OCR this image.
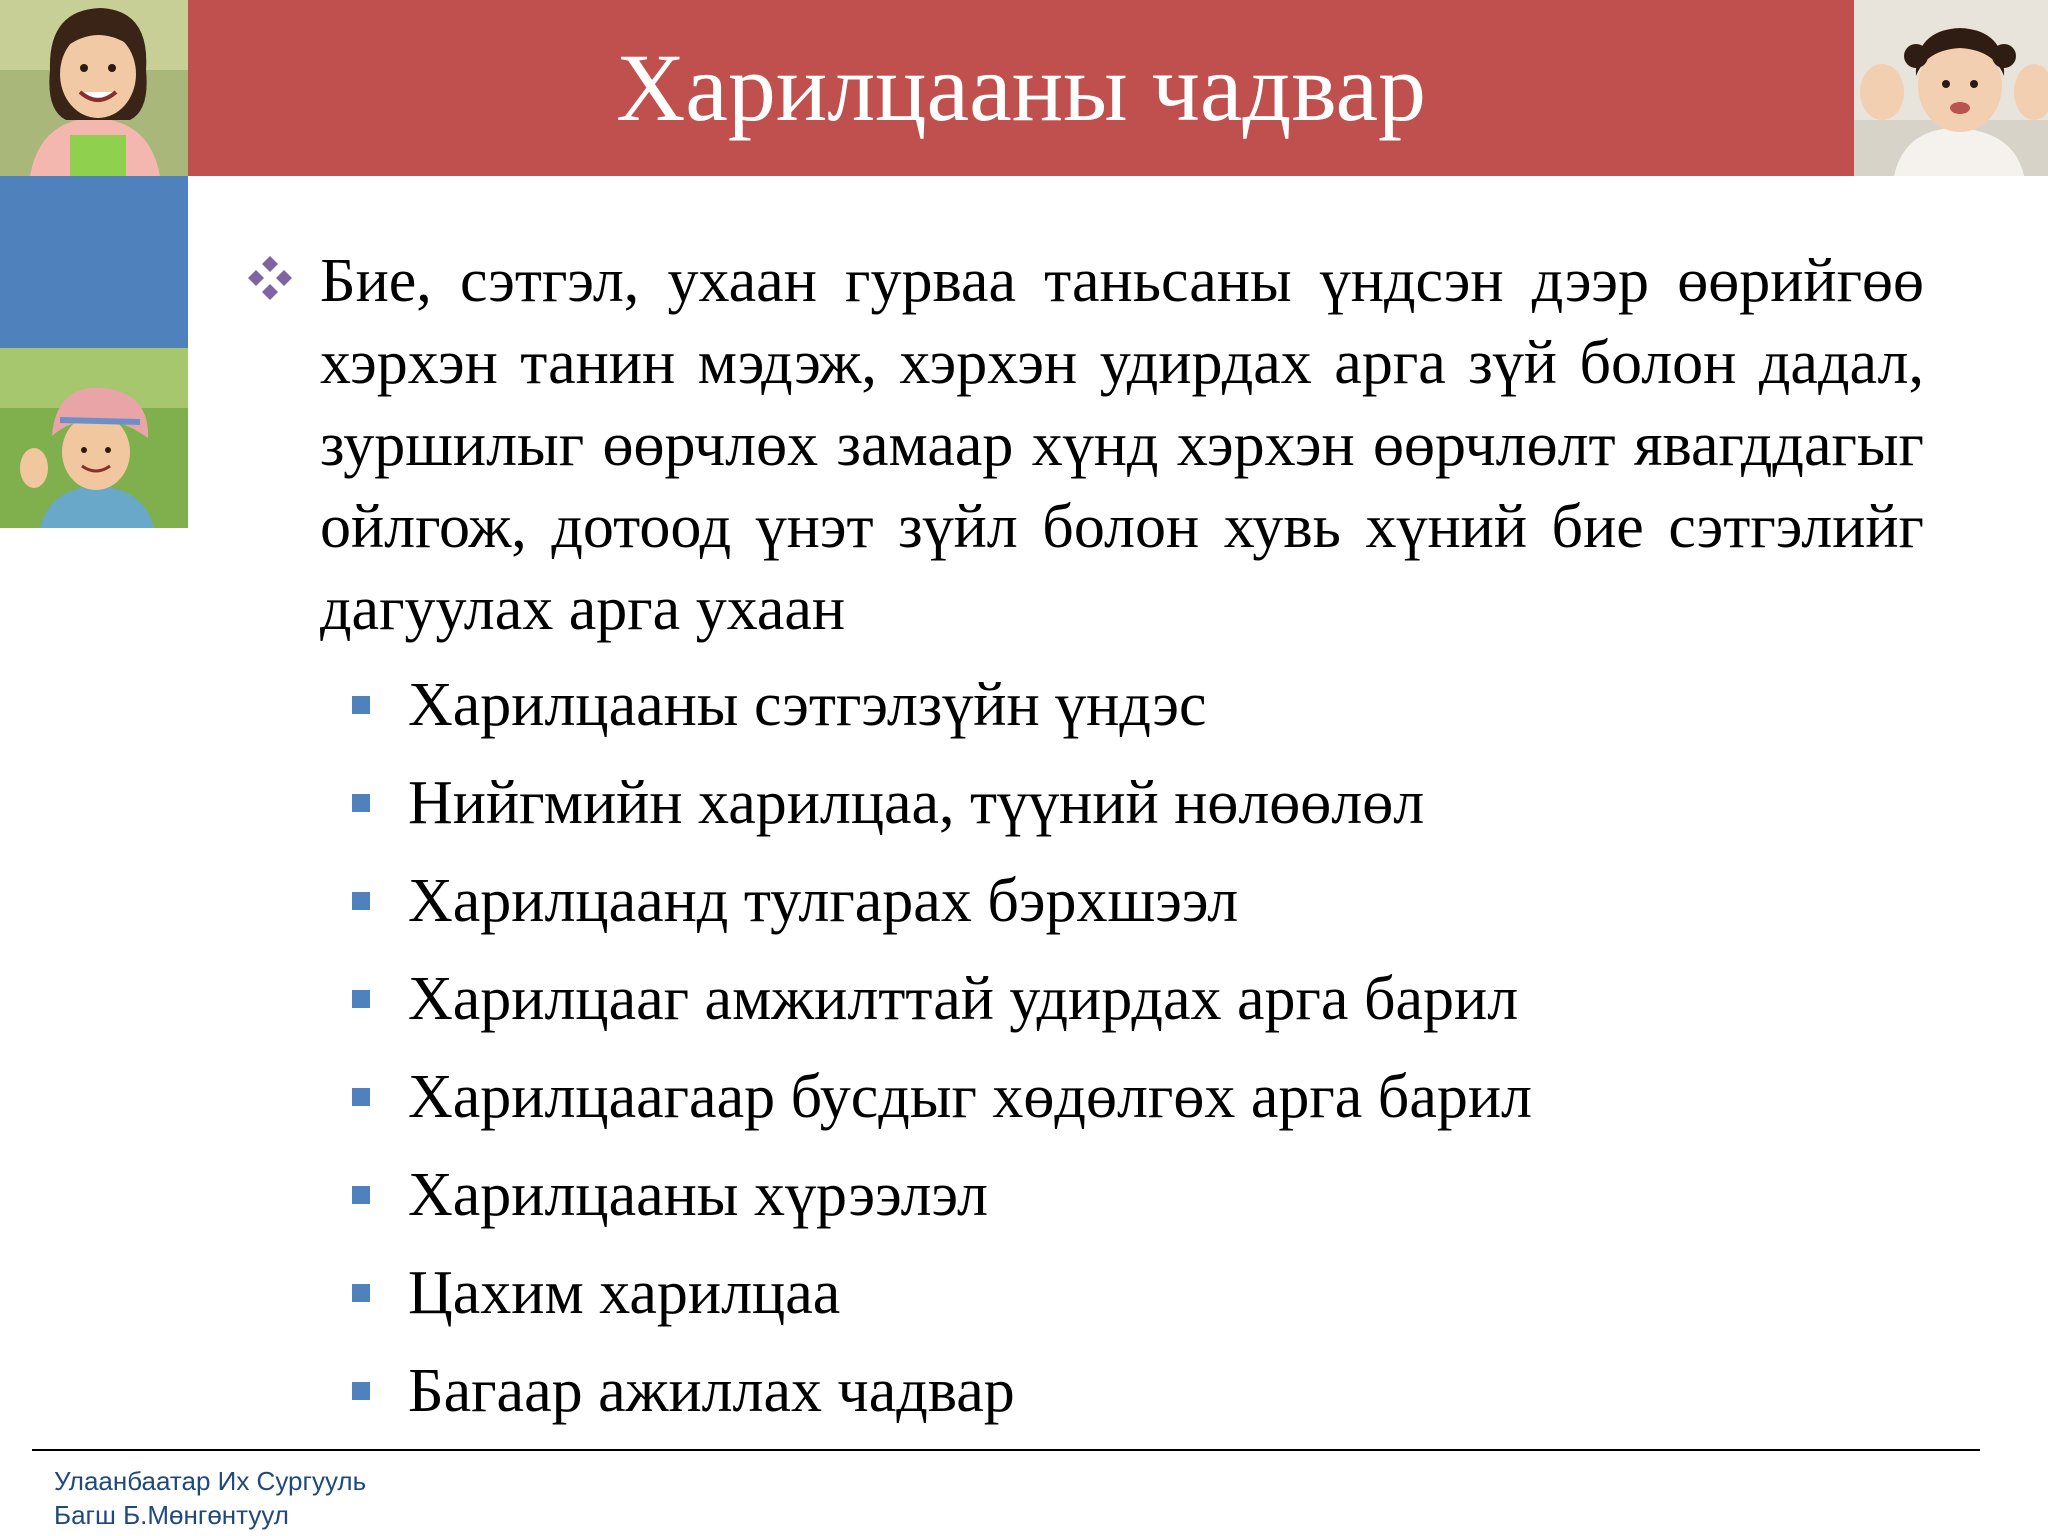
Харилцааны чадвар
Бие, сэтгэл, ухаан гурваа таньсаны үндсэн дээр өөрийгөө хэрхэн танин мэдэж, хэрхэн удирдах арга зүй болон дадал, зуршилыг өөрчлөх замаар хүнд хэрхэн өөрчлөлт явагддагыг ойлгож, дотоод үнэт зүйл болон хувь хүний бие сэтгэлийг дагуулах арга ухаан
Харилцааны сэтгэлзүйн үндэс
Нийгмийн харилцаа, түүний нөлөөлөл
Харилцаанд тулгарах бэрхшээл
Харилцааг амжилттай удирдах арга барил
Харилцаагаар бусдыг хөдөлгөх арга барил
Харилцааны хүрээлэл
Цахим харилцаа
Багаар ажиллах чадвар
Улаанбаатар Их Сургууль
Багш Б.Мөнгөнтуул
